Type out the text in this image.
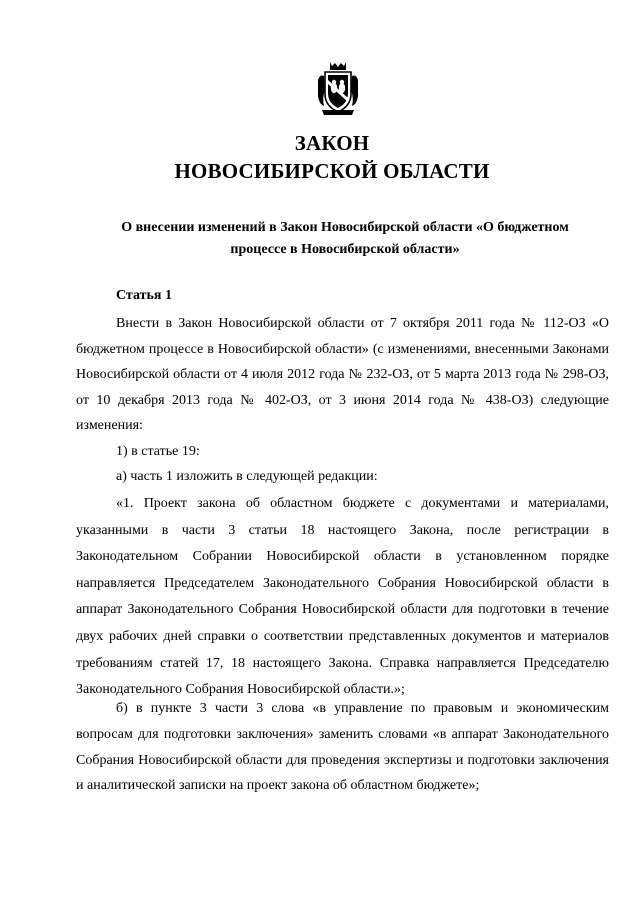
ЗАКОН
НОВОСИБИРСКОЙ ОБЛАСТИ
О внесении изменений в Закон Новосибирской области «О бюджетном процессе в Новосибирской области»
Статья 1

Внести в Закон Новосибирской области от 7 октября 2011 года № 112-ОЗ «О бюджетном процессе в Новосибирской области» (с изменениями, внесенными Законами Новосибирской области от 4 июля 2012 года № 232-ОЗ, от 5 марта 2013 года № 298-ОЗ, от 10 декабря 2013 года № 402-ОЗ, от 3 июня 2014 года № 438-ОЗ) следующие изменения:

1) в статье 19:

а) часть 1 изложить в следующей редакции:

«1. Проект закона об областном бюджете с документами и материалами, указанными в части 3 статьи 18 настоящего Закона, после регистрации в Законодательном Собрании Новосибирской области в установленном порядке направляется Председателем Законодательного Собрания Новосибирской области в аппарат Законодательного Собрания Новосибирской области для подготовки в течение двух рабочих дней справки о соответствии представленных документов и материалов требованиям статей 17, 18 настоящего Закона. Справка направляется Председателю Законодательного Собрания Новосибирской области.»;

б) в пункте 3 части 3 слова «в управление по правовым и экономическим вопросам для подготовки заключения» заменить словами «в аппарат Законодательного Собрания Новосибирской области для проведения экспертизы и подготовки заключения и аналитической записки на проект закона об областном бюджете»;
